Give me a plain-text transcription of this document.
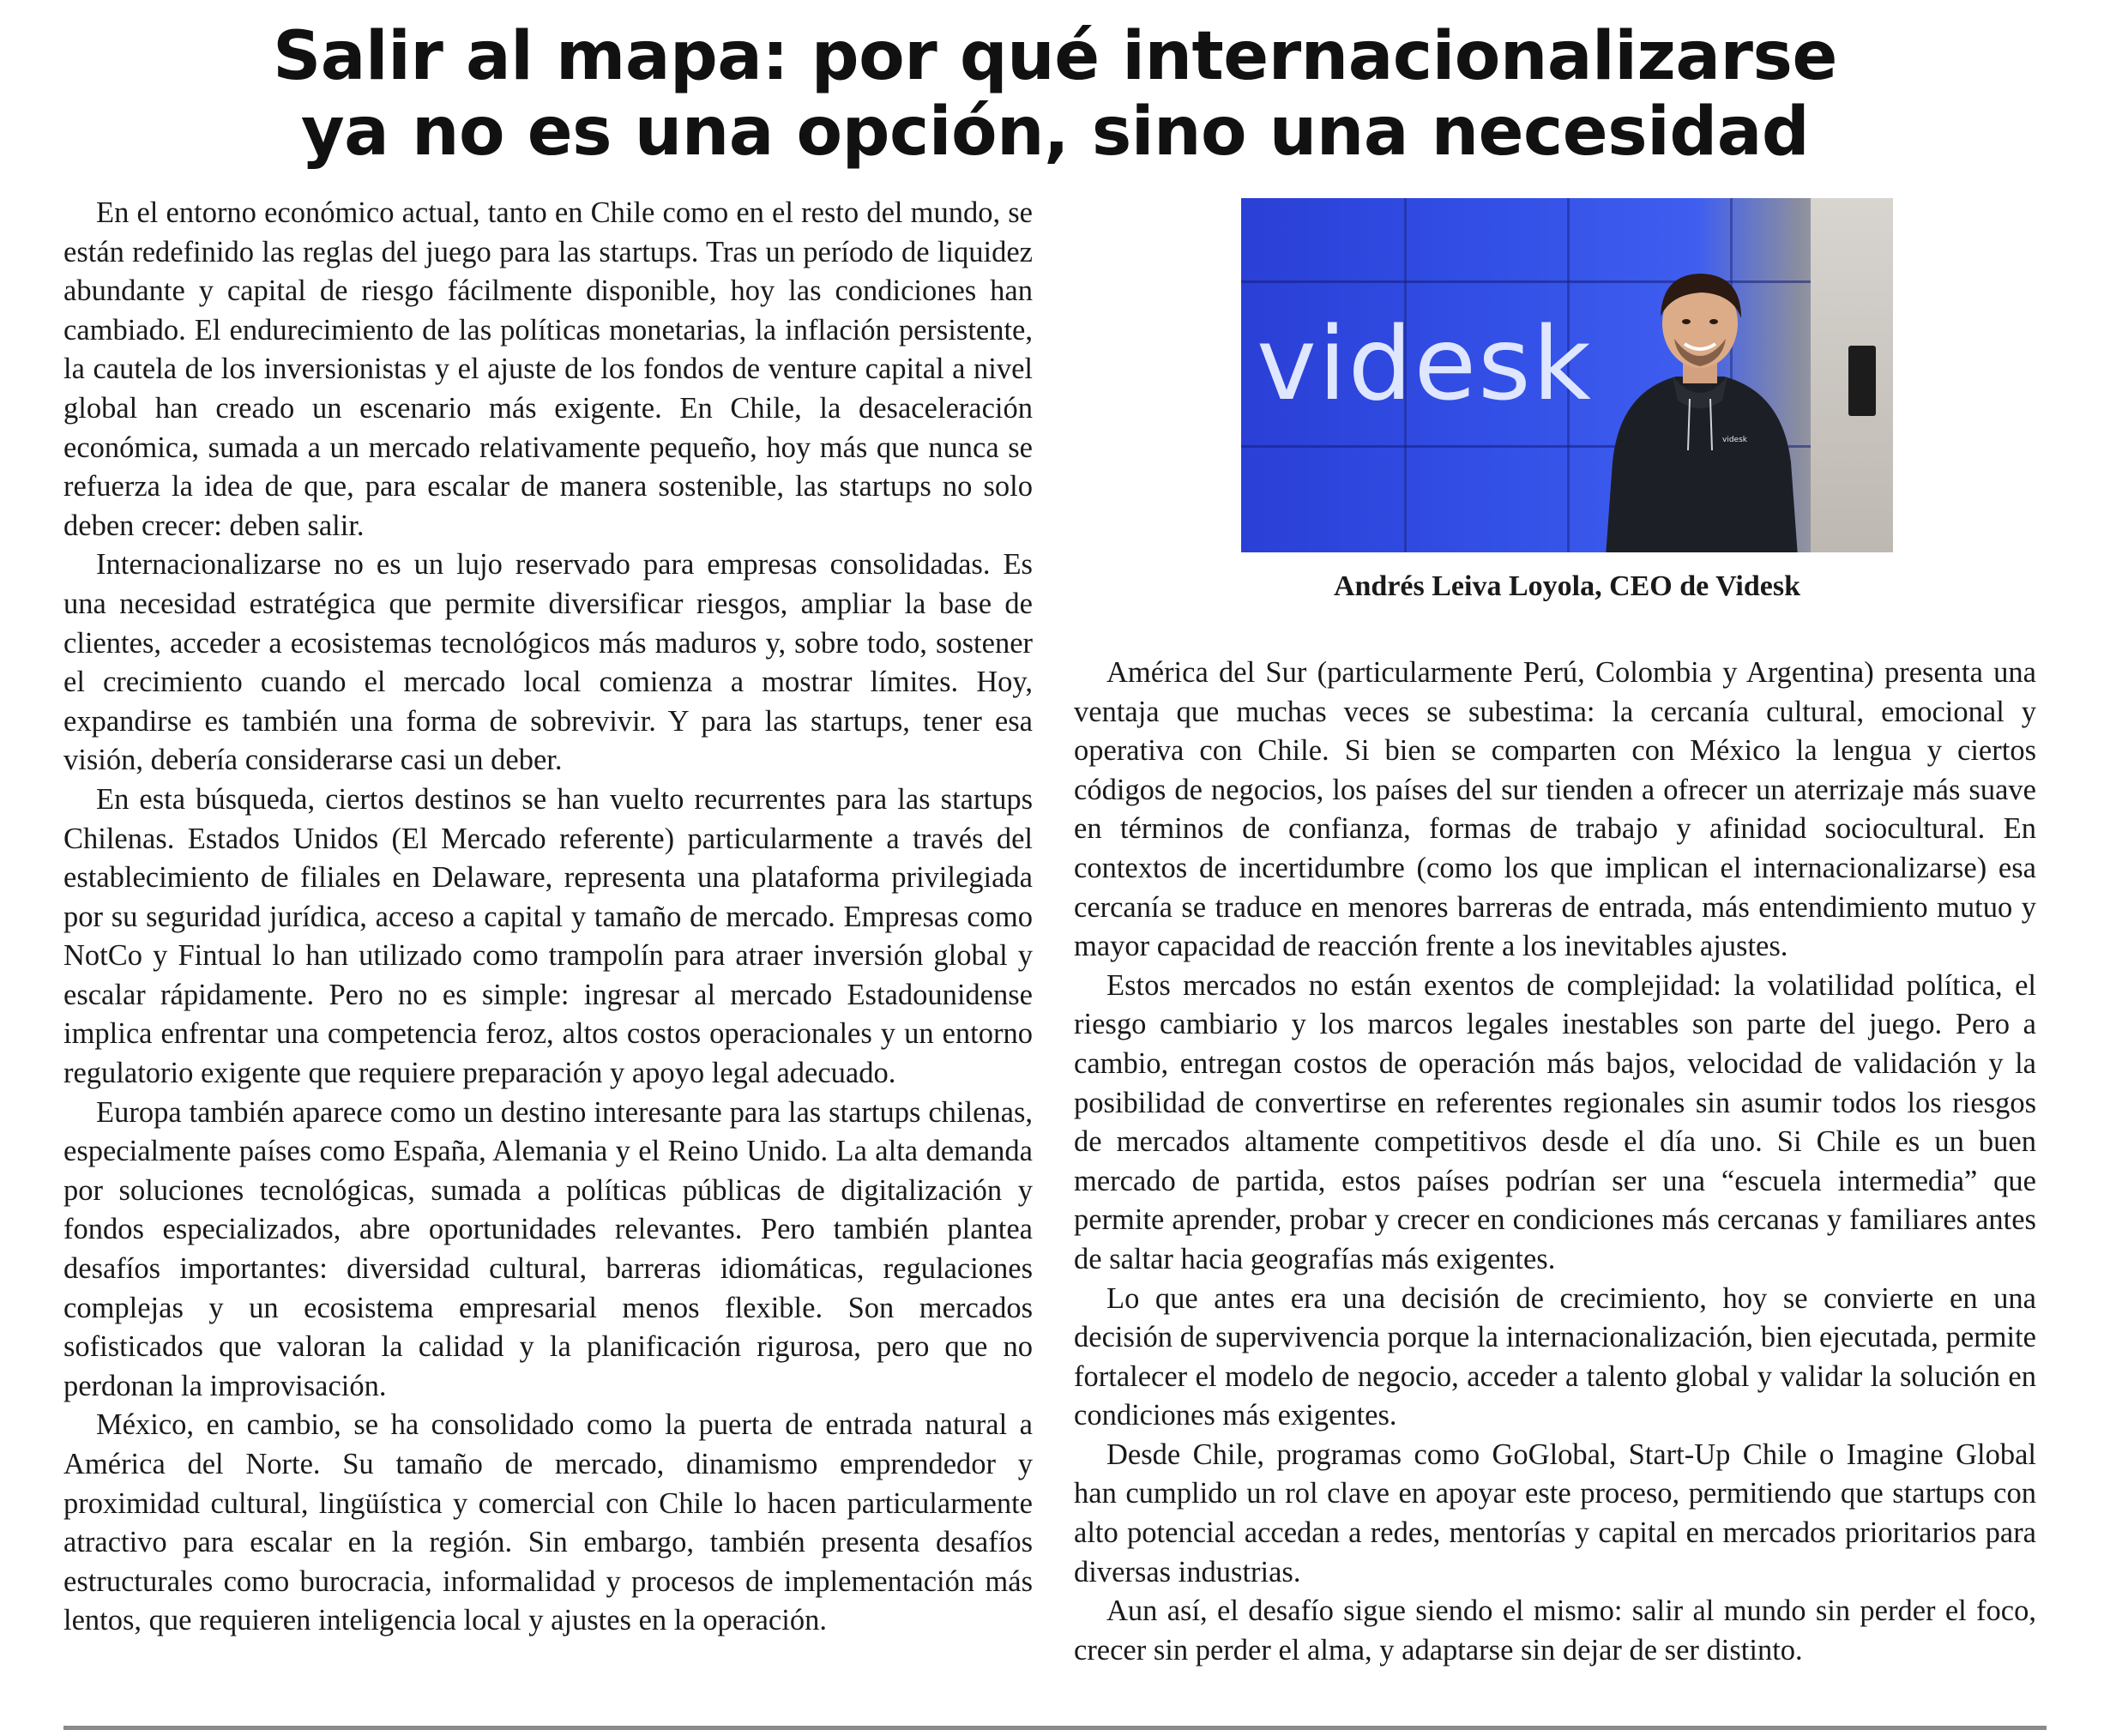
Salir al mapa: por qué internacionalizarse
ya no es una opción, sino una necesidad

En el entorno económico actual, tanto en Chile como en el resto del mundo, se están redefinido las reglas del juego para las startups. Tras un período de liquidez abundante y capital de riesgo fácilmente disponible, hoy las condiciones han cambiado. El endurecimiento de las políticas monetarias, la inflación persistente, la cautela de los inversionistas y el ajuste de los fondos de venture capital a nivel global han creado un escenario más exigente. En Chile, la desaceleración económica, sumada a un mercado relativamente pequeño, hoy más que nunca se refuerza la idea de que, para escalar de manera sostenible, las startups no solo deben crecer: deben salir.

Internacionalizarse no es un lujo reservado para empresas consolidadas. Es una necesidad estratégica que permite diversificar riesgos, ampliar la base de clientes, acceder a ecosistemas tecnológicos más maduros y, sobre todo, sostener el crecimiento cuando el mercado local comienza a mostrar límites. Hoy, expandirse es también una forma de sobrevivir. Y para las startups, tener esa visión, debería considerarse casi un deber.

En esta búsqueda, ciertos destinos se han vuelto recurrentes para las startups Chilenas. Estados Unidos (El Mercado referente) particularmente a través del establecimiento de filiales en Delaware, representa una plataforma privilegiada por su seguridad jurídica, acceso a capital y tamaño de mercado. Empresas como NotCo y Fintual lo han utilizado como trampolín para atraer inversión global y escalar rápidamente. Pero no es simple: ingresar al mercado Estadounidense implica enfrentar una competencia feroz, altos costos operacionales y un entorno regulatorio exigente que requiere preparación y apoyo legal adecuado.

Europa también aparece como un destino interesante para las startups chilenas, especialmente países como España, Alemania y el Reino Unido. La alta demanda por soluciones tecnológicas, sumada a políticas públicas de digitalización y fondos especializados, abre oportunidades relevantes. Pero también plantea desafíos importantes: diversidad cultural, barreras idiomáticas, regulaciones complejas y un ecosistema empresarial menos flexible. Son mercados sofisticados que valoran la calidad y la planificación rigurosa, pero que no perdonan la improvisación.

México, en cambio, se ha consolidado como la puerta de entrada natural a América del Norte. Su tamaño de mercado, dinamismo emprendedor y proximidad cultural, lingüística y comercial con Chile lo hacen particularmente atractivo para escalar en la región. Sin embargo, también presenta desafíos estructurales como burocracia, informalidad y procesos de implementación más lentos, que requieren inteligencia local y ajustes en la operación.

videsk
videsk
Andrés Leiva Loyola, CEO de Videsk

América del Sur (particularmente Perú, Colombia y Argentina) presenta una ventaja que muchas veces se subestima: la cercanía cultural, emocional y operativa con Chile. Si bien se comparten con México la lengua y ciertos códigos de negocios, los países del sur tienden a ofrecer un aterrizaje más suave en términos de confianza, formas de trabajo y afinidad sociocultural. En contextos de incertidumbre (como los que implican el internacionalizarse) esa cercanía se traduce en menores barreras de entrada, más entendimiento mutuo y mayor capacidad de reacción frente a los inevitables ajustes.

Estos mercados no están exentos de complejidad: la volatilidad política, el riesgo cambiario y los marcos legales inestables son parte del juego. Pero a cambio, entregan costos de operación más bajos, velocidad de validación y la posibilidad de convertirse en referentes regionales sin asumir todos los riesgos de mercados altamente competitivos desde el día uno. Si Chile es un buen mercado de partida, estos países podrían ser una “escuela intermedia” que permite aprender, probar y crecer en condiciones más cercanas y familiares antes de saltar hacia geografías más exigentes.

Lo que antes era una decisión de crecimiento, hoy se convierte en una decisión de supervivencia porque la internacionalización, bien ejecutada, permite fortalecer el modelo de negocio, acceder a talento global y validar la solución en condiciones más exigentes.

Desde Chile, programas como GoGlobal, Start-Up Chile o Imagine Global han cumplido un rol clave en apoyar este proceso, permitiendo que startups con alto potencial accedan a redes, mentorías y capital en mercados prioritarios para diversas industrias.

Aun así, el desafío sigue siendo el mismo: salir al mundo sin perder el foco, crecer sin perder el alma, y adaptarse sin dejar de ser distinto.
